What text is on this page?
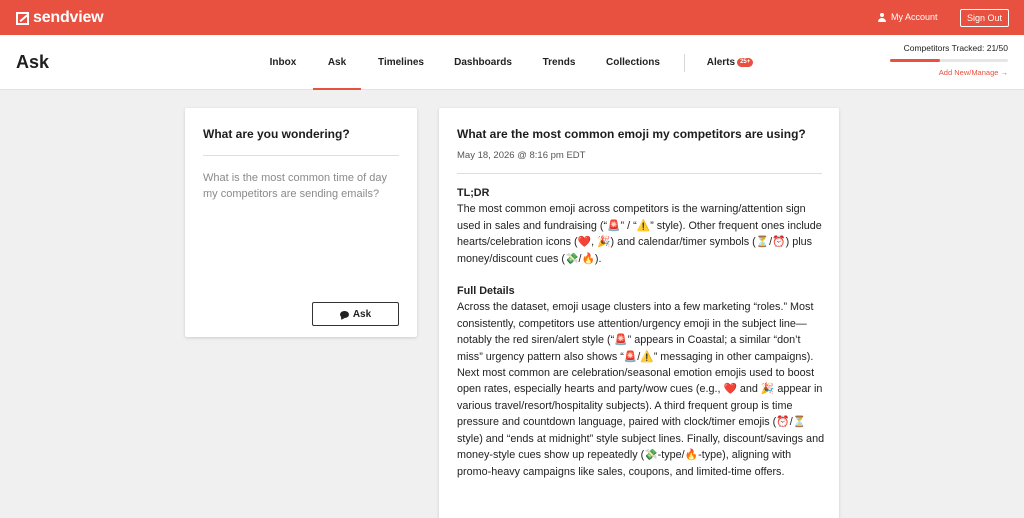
sendview	My Account	Sign Out
Ask	Inbox	Ask	Timelines	Dashboards	Trends	Collections	Alerts 25+
Competitors Tracked: 21/50
Add New/Manage →
What are you wondering?
What is the most common time of day my competitors are sending emails?
Ask
What are the most common emoji my competitors are using?
May 18, 2026 @ 8:16 pm EDT
TL;DR
The most common emoji across competitors is the warning/attention sign used in sales and fundraising (“🚨” / “⚠️” style). Other frequent ones include hearts/celebration icons (❤️, 🎉) and calendar/timer symbols (⏳/⏰) plus money/discount cues (💸/🔥).
Full Details
Across the dataset, emoji usage clusters into a few marketing “roles.” Most consistently, competitors use attention/urgency emoji in the subject line—notably the red siren/alert style (“🚨” appears in Coastal; a similar “don’t miss” urgency pattern also shows “🚨/⚠️” messaging in other campaigns). Next most common are celebration/seasonal emotion emojis used to boost open rates, especially hearts and party/wow cues (e.g., ❤️ and 🎉 appear in various travel/resort/hospitality subjects). A third frequent group is time pressure and countdown language, paired with clock/timer emojis (⏰/⏳ style) and “ends at midnight” style subject lines. Finally, discount/savings and money-style cues show up repeatedly (💸-type/🔥-type), aligning with promo-heavy campaigns like sales, coupons, and limited-time offers.
